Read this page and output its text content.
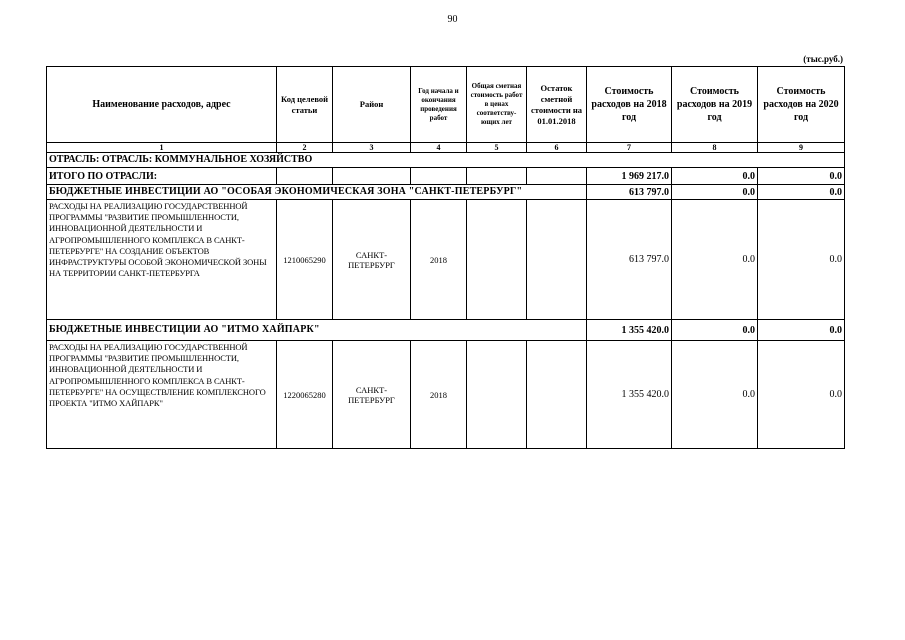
90
(тыс.руб.)
Наименование расходов, адрес	Код целевой статьи	Район	Год начала и окончания проведения работ	Общая сметная стоимость работ в ценах соответству-ющих лет	Остаток сметной стоимости на 01.01.2018	Стоимость расходов на 2018 год	Стоимость расходов на 2019 год	Стоимость расходов на 2020 год
1	2	3	4	5	6	7	8	9
ОТРАСЛЬ: ОТРАСЛЬ: КОММУНАЛЬНОЕ ХОЗЯЙСТВО								
ИТОГО ПО ОТРАСЛИ:						1 969 217.0	0.0	0.0
БЮДЖЕТНЫЕ ИНВЕСТИЦИИ АО "ОСОБАЯ ЭКОНОМИЧЕСКАЯ ЗОНА "САНКТ-ПЕТЕРБУРГ"						613 797.0	0.0	0.0
РАСХОДЫ НА РЕАЛИЗАЦИЮ ГОСУДАРСТВЕННОЙ ПРОГРАММЫ "РАЗВИТИЕ ПРОМЫШЛЕННОСТИ, ИННОВАЦИОННОЙ ДЕЯТЕЛЬНОСТИ И АГРОПРОМЫШЛЕННОГО КОМПЛЕКСА В САНКТ-ПЕТЕРБУРГЕ" НА СОЗДАНИЕ ОБЪЕКТОВ ИНФРАСТРУКТУРЫ ОСОБОЙ ЭКОНОМИЧЕСКОЙ ЗОНЫ НА ТЕРРИТОРИИ САНКТ-ПЕТЕРБУРГА	1210065290	САНКТ-ПЕТЕРБУРГ	2018			613 797.0	0.0	0.0
БЮДЖЕТНЫЕ ИНВЕСТИЦИИ АО "ИТМО ХАЙПАРК"						1 355 420.0	0.0	0.0
РАСХОДЫ НА РЕАЛИЗАЦИЮ ГОСУДАРСТВЕННОЙ ПРОГРАММЫ "РАЗВИТИЕ ПРОМЫШЛЕННОСТИ, ИННОВАЦИОННОЙ ДЕЯТЕЛЬНОСТИ И АГРОПРОМЫШЛЕННОГО КОМПЛЕКСА В САНКТ-ПЕТЕРБУРГЕ" НА ОСУЩЕСТВЛЕНИЕ КОМПЛЕКСНОГО ПРОЕКТА "ИТМО ХАЙПАРК"	1220065280	САНКТ-ПЕТЕРБУРГ	2018			1 355 420.0	0.0	0.0
